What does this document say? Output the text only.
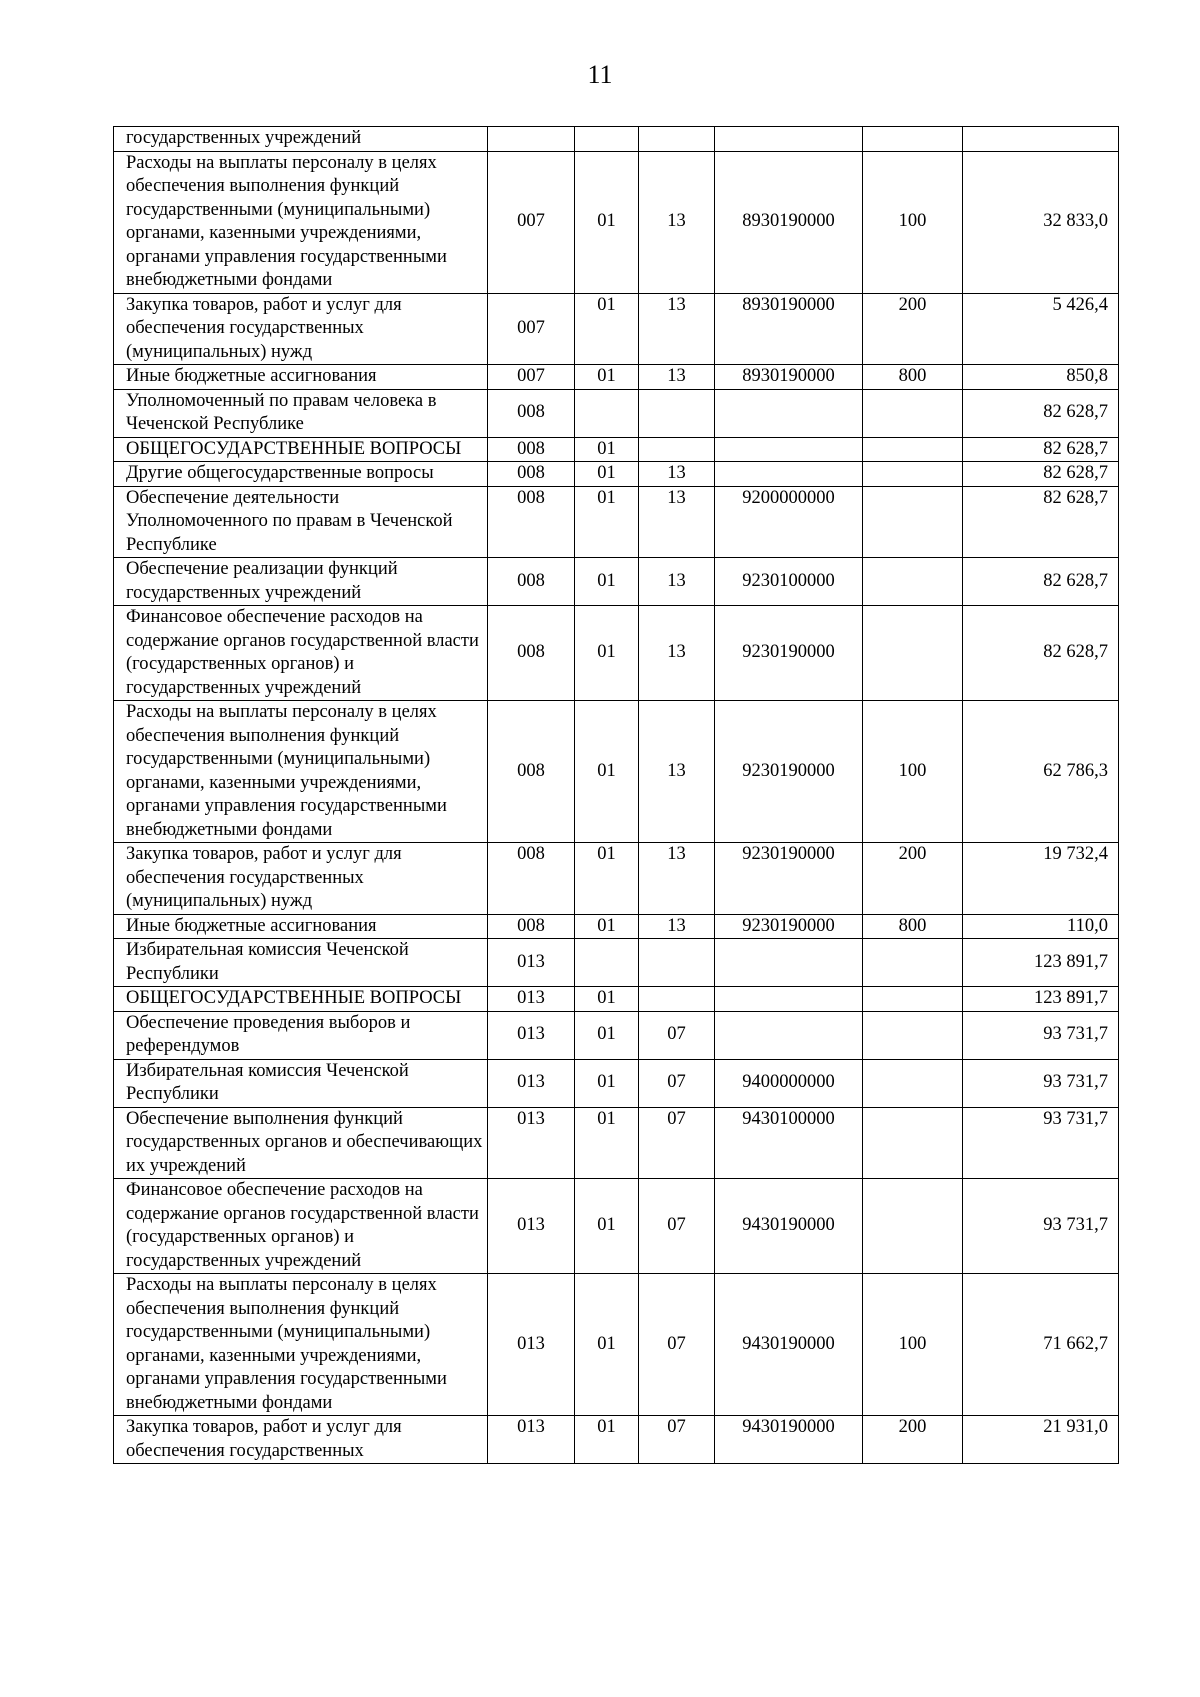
11
государственных учреждений						
Расходы на выплаты персоналу в целях обеспечения выполнения функций государственными (муниципальными) органами, казенными учреждениями, органами управления государственными внебюджетными фондами	007	01	13	8930190000	100	32 833,0
Закупка товаров, работ и услуг для обеспечения государственных (муниципальных) нужд	007	01	13	8930190000	200	5 426,4
Иные бюджетные ассигнования	007	01	13	8930190000	800	850,8
Уполномоченный по правам человека в Чеченской Республике	008					82 628,7
ОБЩЕГОСУДАРСТВЕННЫЕ ВОПРОСЫ	008	01				82 628,7
Другие общегосударственные вопросы	008	01	13			82 628,7
Обеспечение деятельности Уполномоченного по правам в Чеченской Республике	008	01	13	9200000000		82 628,7
Обеспечение реализации функций государственных учреждений	008	01	13	9230100000		82 628,7
Финансовое обеспечение расходов на содержание органов государственной власти (государственных органов) и государственных учреждений	008	01	13	9230190000		82 628,7
Расходы на выплаты персоналу в целях обеспечения выполнения функций государственными (муниципальными) органами, казенными учреждениями, органами управления государственными внебюджетными фондами	008	01	13	9230190000	100	62 786,3
Закупка товаров, работ и услуг для обеспечения государственных (муниципальных) нужд	008	01	13	9230190000	200	19 732,4
Иные бюджетные ассигнования	008	01	13	9230190000	800	110,0
Избирательная комиссия Чеченской Республики	013					123 891,7
ОБЩЕГОСУДАРСТВЕННЫЕ ВОПРОСЫ	013	01				123 891,7
Обеспечение проведения выборов и референдумов	013	01	07			93 731,7
Избирательная комиссия Чеченской Республики	013	01	07	9400000000		93 731,7
Обеспечение выполнения функций государственных органов и обеспечивающих их учреждений	013	01	07	9430100000		93 731,7
Финансовое обеспечение расходов на содержание органов государственной власти (государственных органов) и государственных учреждений	013	01	07	9430190000		93 731,7
Расходы на выплаты персоналу в целях обеспечения выполнения функций государственными (муниципальными) органами, казенными учреждениями, органами управления государственными внебюджетными фондами	013	01	07	9430190000	100	71 662,7
Закупка товаров, работ и услуг для обеспечения государственных	013	01	07	9430190000	200	21 931,0
